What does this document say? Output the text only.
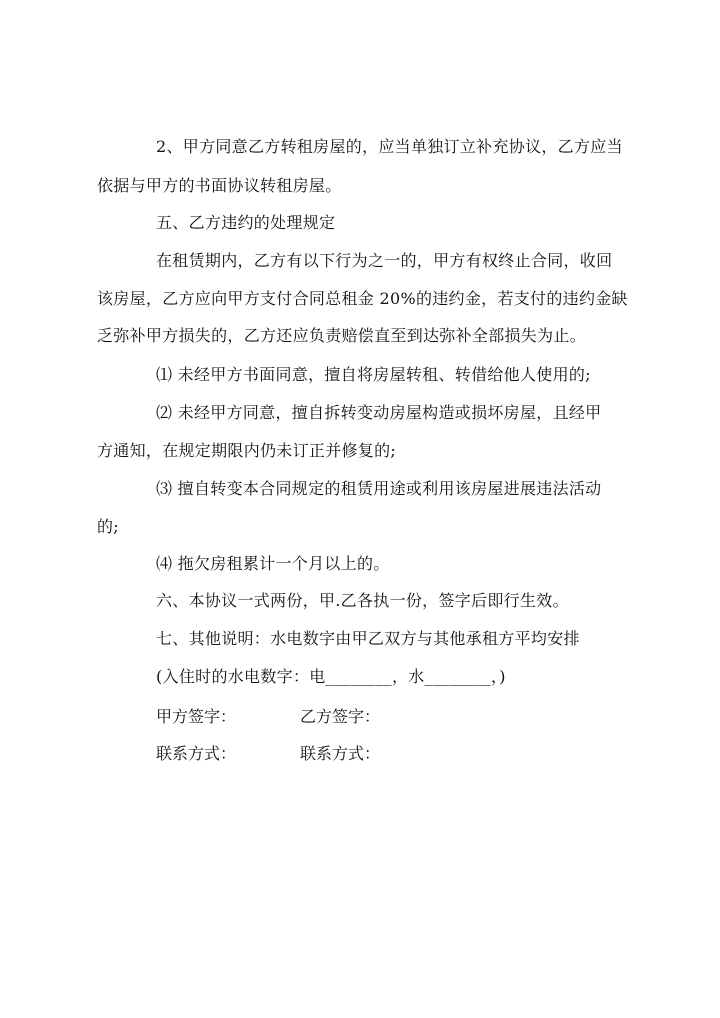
2、甲方同意乙方转租房屋的，应当单独订立补充协议，乙方应当
依据与甲方的书面协议转租房屋。
五、乙方违约的处理规定
在租赁期内，乙方有以下行为之一的，甲方有权终止合同，收回
该房屋，乙方应向甲方支付合同总租金 20%的违约金，若支付的违约金缺
乏弥补甲方损失的，乙方还应负责赔偿直至到达弥补全部损失为止。
⑴ 未经甲方书面同意，擅自将房屋转租、转借给他人使用的;
⑵ 未经甲方同意，擅自拆转变动房屋构造或损坏房屋，且经甲
方通知，在规定期限内仍未订正并修复的;
⑶ 擅自转变本合同规定的租赁用途或利用该房屋进展违法活动
的;
⑷ 拖欠房租累计一个月以上的。
六、本协议一式两份，甲.乙各执一份，签字后即行生效。
七、其他说明：水电数字由甲乙双方与其他承租方平均安排
(入住时的水电数字：电________，水________，)
甲方签字：	乙方签字：
联系方式：	联系方式：
